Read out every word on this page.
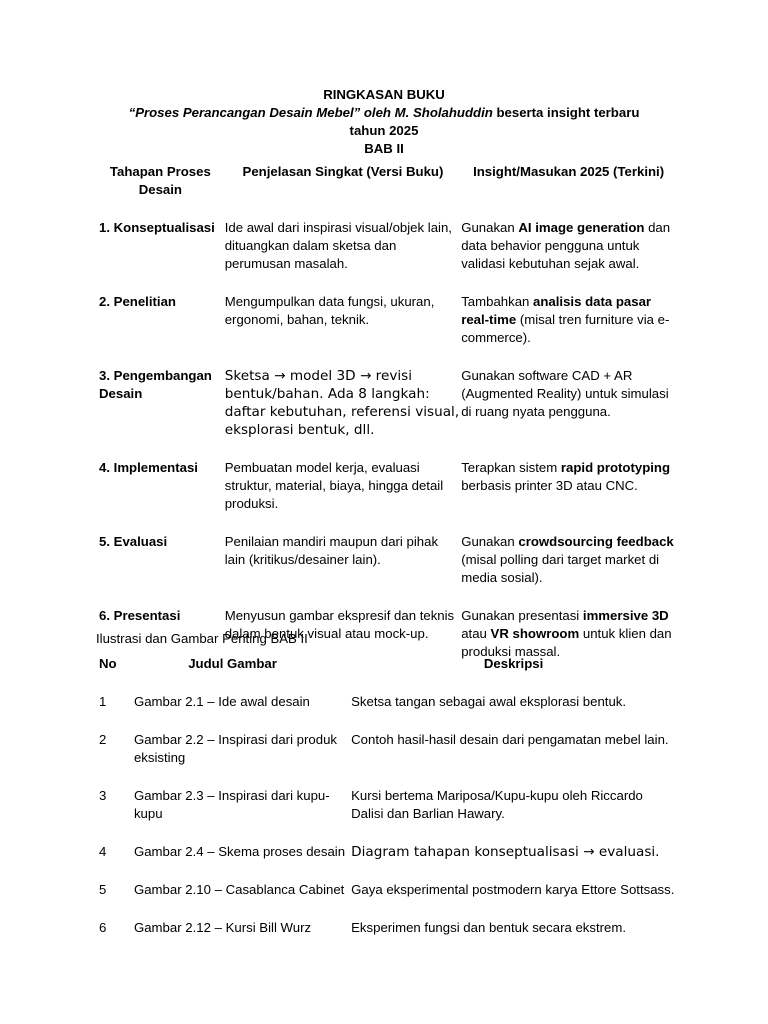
RINGKASAN BUKU
“Proses Perancangan Desain Mebel” oleh M. Sholahuddin beserta insight terbaru
tahun 2025
BAB II
Tahapan Proses Desain	Penjelasan Singkat (Versi Buku)	Insight/Masukan 2025 (Terkini)
1. Konseptualisasi	Ide awal dari inspirasi visual/objek lain, dituangkan dalam sketsa dan perumusan masalah.	Gunakan AI image generation dan data behavior pengguna untuk validasi kebutuhan sejak awal.
2. Penelitian	Mengumpulkan data fungsi, ukuran, ergonomi, bahan, teknik.	Tambahkan analisis data pasar real-time (misal tren furniture via e-commerce).
3. Pengembangan Desain	Sketsa → model 3D → revisi bentuk/bahan. Ada 8 langkah: daftar kebutuhan, referensi visual, eksplorasi bentuk, dll.	Gunakan software CAD + AR (Augmented Reality) untuk simulasi di ruang nyata pengguna.
4. Implementasi	Pembuatan model kerja, evaluasi struktur, material, biaya, hingga detail produksi.	Terapkan sistem rapid prototyping berbasis printer 3D atau CNC.
5. Evaluasi	Penilaian mandiri maupun dari pihak lain (kritikus/desainer lain).	Gunakan crowdsourcing feedback (misal polling dari target market di media sosial).
6. Presentasi	Menyusun gambar ekspresif dan teknis dalam bentuk visual atau mock-up.	Gunakan presentasi immersive 3D atau VR showroom untuk klien dan produksi massal.
Ilustrasi dan Gambar Penting BAB II
No	Judul Gambar	Deskripsi
1	Gambar 2.1 – Ide awal desain	Sketsa tangan sebagai awal eksplorasi bentuk.
2	Gambar 2.2 – Inspirasi dari produk eksisting	Contoh hasil-hasil desain dari pengamatan mebel lain.
3	Gambar 2.3 – Inspirasi dari kupu-kupu	Kursi bertema Mariposa/Kupu-kupu oleh Riccardo Dalisi dan Barlian Hawary.
4	Gambar 2.4 – Skema proses desain	Diagram tahapan konseptualisasi → evaluasi.
5	Gambar 2.10 – Casablanca Cabinet	Gaya eksperimental postmodern karya Ettore Sottsass.
6	Gambar 2.12 – Kursi Bill Wurz	Eksperimen fungsi dan bentuk secara ekstrem.
